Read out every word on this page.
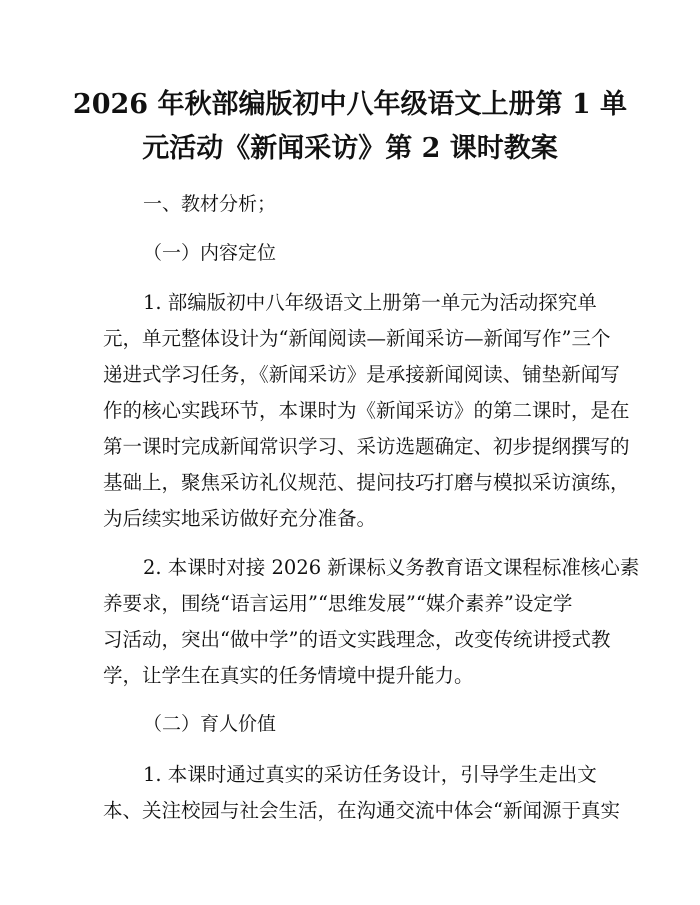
2026 年秋部编版初中八年级语文上册第 1 单
元活动《新闻采访》第 2 课时教案
一、教材分析；
（一）内容定位
1. 部编版初中八年级语文上册第一单元为活动探究单
元，单元整体设计为“新闻阅读—新闻采访—新闻写作”三个
递进式学习任务，《新闻采访》是承接新闻阅读、铺垫新闻写
作的核心实践环节，本课时为《新闻采访》的第二课时，是在
第一课时完成新闻常识学习、采访选题确定、初步提纲撰写的
基础上，聚焦采访礼仪规范、提问技巧打磨与模拟采访演练，
为后续实地采访做好充分准备。
2. 本课时对接 2026 新课标义务教育语文课程标准核心素
养要求，围绕“语言运用”“思维发展”“媒介素养”设定学
习活动，突出“做中学”的语文实践理念，改变传统讲授式教
学，让学生在真实的任务情境中提升能力。
（二）育人价值
1. 本课时通过真实的采访任务设计，引导学生走出文
本、关注校园与社会生活，在沟通交流中体会“新闻源于真实
